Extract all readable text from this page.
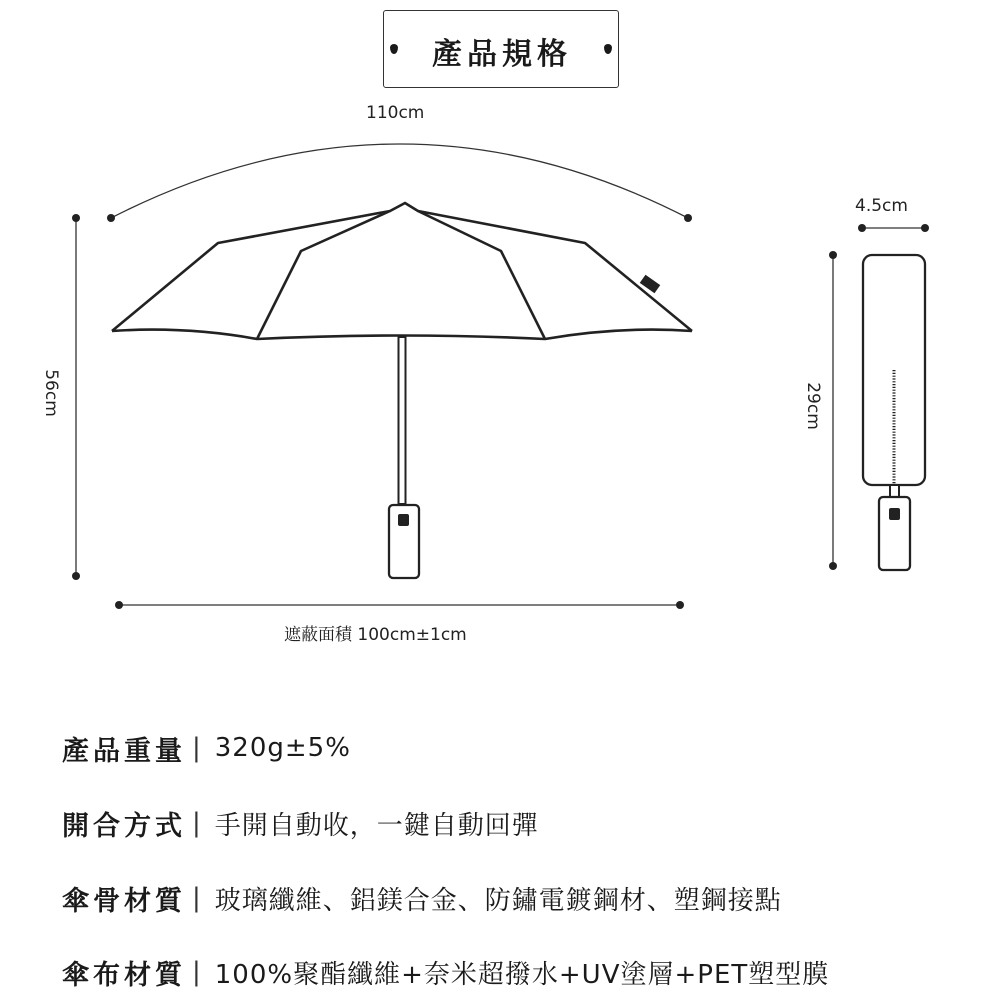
產品規格
110cm
56cm
4.5cm
29cm
遮蔽面積 100cm±1cm
產品重量 | 320g±5%
開合方式 | 手開自動收，一鍵自動回彈
傘骨材質 | 玻璃纖維、鋁鎂合金、防鏽電鍍鋼材、塑鋼接點
傘布材質 | 100%聚酯纖維+奈米超撥水+UV塗層+PET塑型膜
